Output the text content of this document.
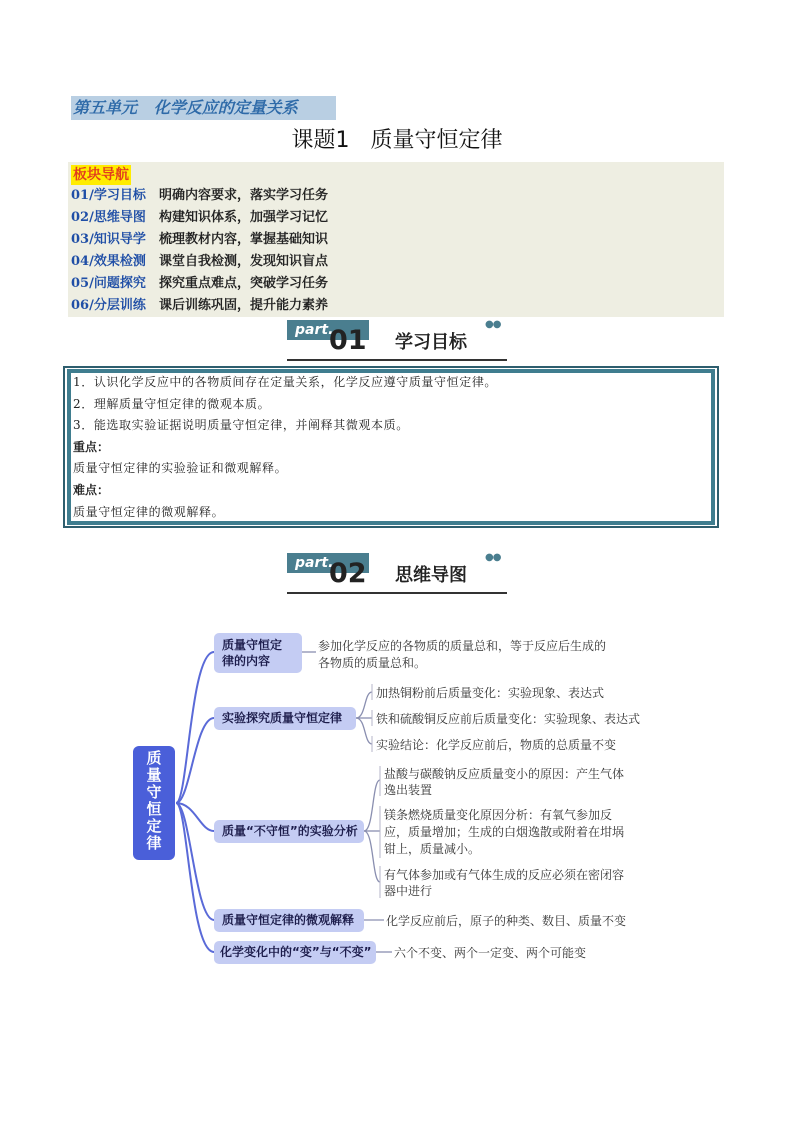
第五单元   化学反应的定量关系
课题1   质量守恒定律
板块导航
01/学习目标 明确内容要求，落实学习任务
02/思维导图 构建知识体系，加强学习记忆
03/知识导学 梳理教材内容，掌握基础知识
04/效果检测 课堂自我检测，发现知识盲点
05/问题探究 探究重点难点，突破学习任务
06/分层训练 课后训练巩固，提升能力素养
part.
01 学习目标
●●
1．认识化学反应中的各物质间存在定量关系，化学反应遵守质量守恒定律。
2．理解质量守恒定律的微观本质。
3．能选取实验证据说明质量守恒定律，并阐释其微观本质。
重点：
质量守恒定律的实验验证和微观解释。
难点：
质量守恒定律的微观解释。
part.
02 思维导图
●●
质
量
守
恒
定
律
质量守恒定
律的内容
参加化学反应的各物质的质量总和，等于反应后生成的
各物质的质量总和。
实验探究质量守恒定律
加热铜粉前后质量变化：实验现象、表达式
铁和硫酸铜反应前后质量变化：实验现象、表达式
实验结论：化学反应前后，物质的总质量不变
质量“不守恒”的实验分析
盐酸与碳酸钠反应质量变小的原因：产生气体
逸出装置
镁条燃烧质量变化原因分析：有氧气参加反
应，质量增加；生成的白烟逸散或附着在坩埚
钳上，质量减小。
有气体参加或有气体生成的反应必须在密闭容
器中进行
质量守恒定律的微观解释	化学反应前后，原子的种类、数目、质量不变
化学变化中的“变”与“不变”	六个不变、两个一定变、两个可能变
